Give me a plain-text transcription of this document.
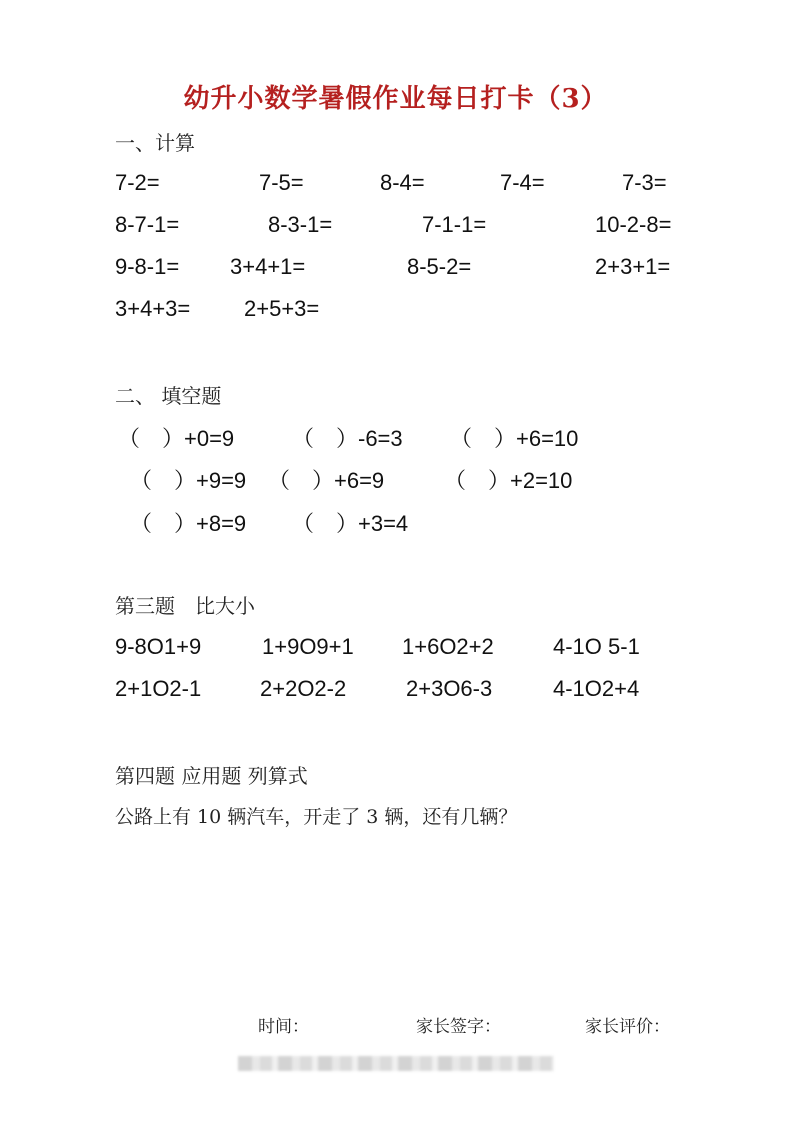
幼升小数学暑假作业每日打卡（3）
一、计算
7-2=	7-5=	8-4=	7-4=	7-3=
8-7-1=	8-3-1=	7-1-1=	10-2-8=
9-8-1= 3+4+1=	8-5-2=	2+3+1=
3+4+3= 2+5+3=
二、 填空题
（　）+0=9	（　）-6=3 （　）+6=10
（　）+9=9 （　）+6=9	（　）+2=10
（　）+8=9 （　）+3=4
第三题　比大小
9-8O1+9	1+9O9+1 1+6O2+2	4-1O 5-1
2+1O2-1	2+2O2-2	2+3O6-3	4-1O2+4
第四题 应用题 列算式
公路上有 10 辆汽车，开走了 3 辆，还有几辆？
时间：	家长签字：	家长评价：
